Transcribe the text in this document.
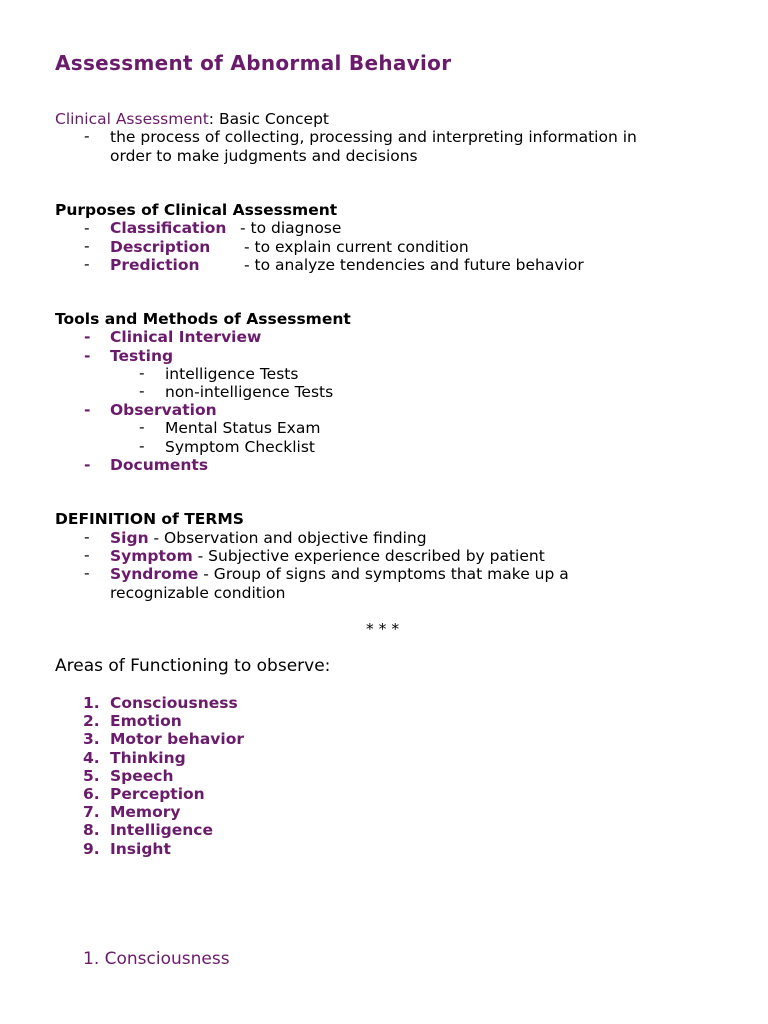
Assessment of Abnormal Behavior
Clinical Assessment: Basic Concept
- the process of collecting, processing and interpreting information in
order to make judgments and decisions
Purposes of Clinical Assessment
- Classification - to diagnose
- Description - to explain current condition
- Prediction	- to analyze tendencies and future behavior
Tools and Methods of Assessment
- Clinical Interview
- Testing
- intelligence Tests
- non-intelligence Tests
- Observation
- Mental Status Exam
- Symptom Checklist
- Documents
DEFINITION of TERMS
- Sign - Observation and objective finding
- Symptom - Subjective experience described by patient
- Syndrome - Group of signs and symptoms that make up a
recognizable condition
* * *
Areas of Functioning to observe:
1. Consciousness
2. Emotion
3. Motor behavior
4. Thinking
5. Speech
6. Perception
7. Memory
8. Intelligence
9. Insight
1. Consciousness
